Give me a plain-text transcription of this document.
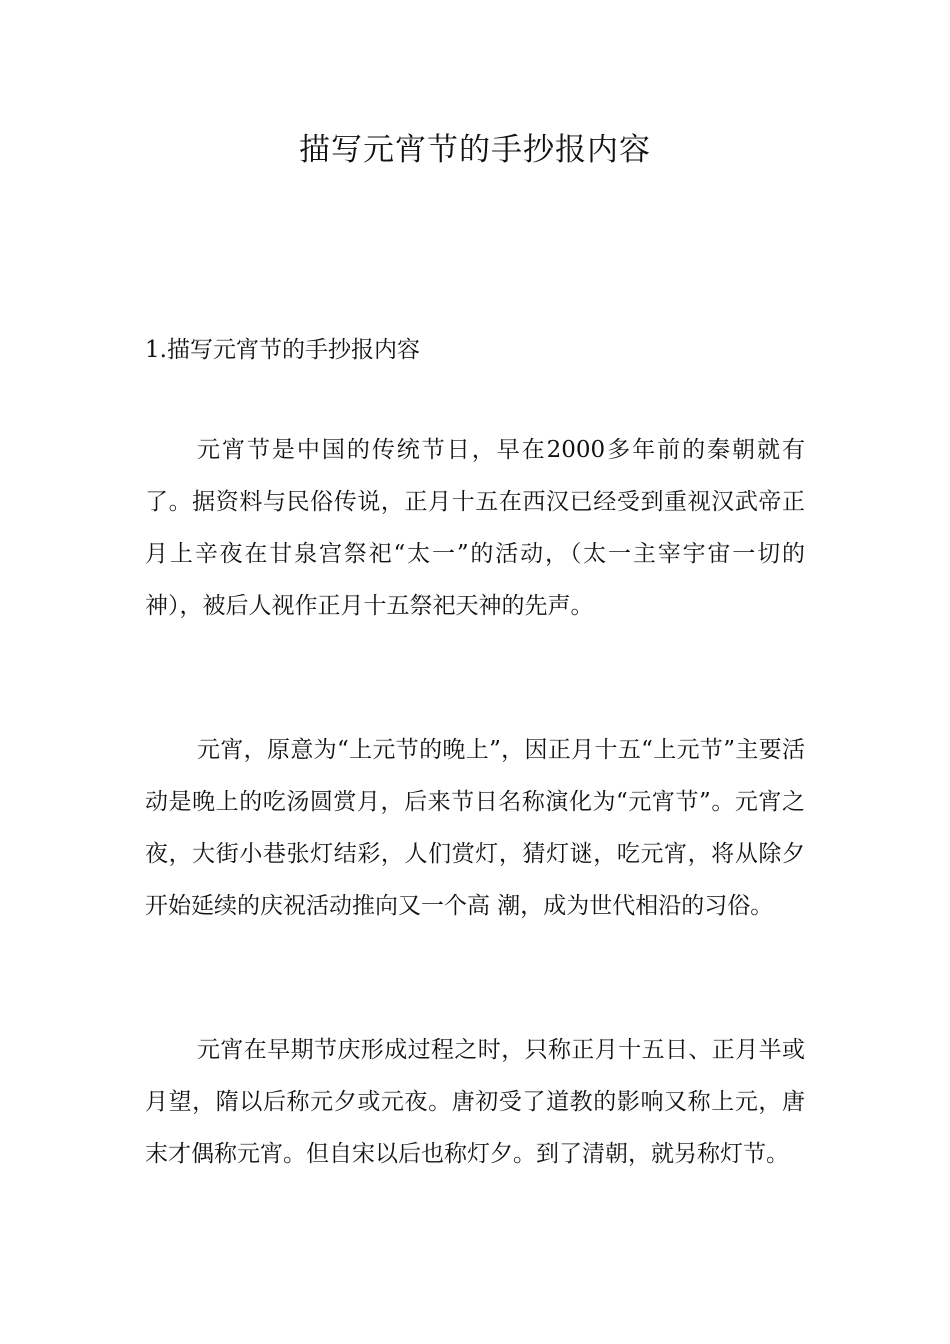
描写元宵节的手抄报内容

1.描写元宵节的手抄报内容

元宵节是中国的传统节日，早在2000多年前的秦朝就有了。据资料与民俗传说，正月十五在西汉已经受到重视汉武帝正月上辛夜在甘泉宫祭祀“太一”的活动，（太一主宰宇宙一切的神），被后人视作正月十五祭祀天神的先声。

元宵，原意为“上元节的晚上”，因正月十五“上元节”主要活动是晚上的吃汤圆赏月，后来节日名称演化为“元宵节”。元宵之夜，大街小巷张灯结彩，人们赏灯，猜灯谜，吃元宵，将从除夕开始延续的庆祝活动推向又一个高 潮，成为世代相沿的习俗。

元宵在早期节庆形成过程之时，只称正月十五日、正月半或月望，隋以后称元夕或元夜。唐初受了道教的影响又称上元，唐末才偶称元宵。但自宋以后也称灯夕。到了清朝，就另称灯节。
